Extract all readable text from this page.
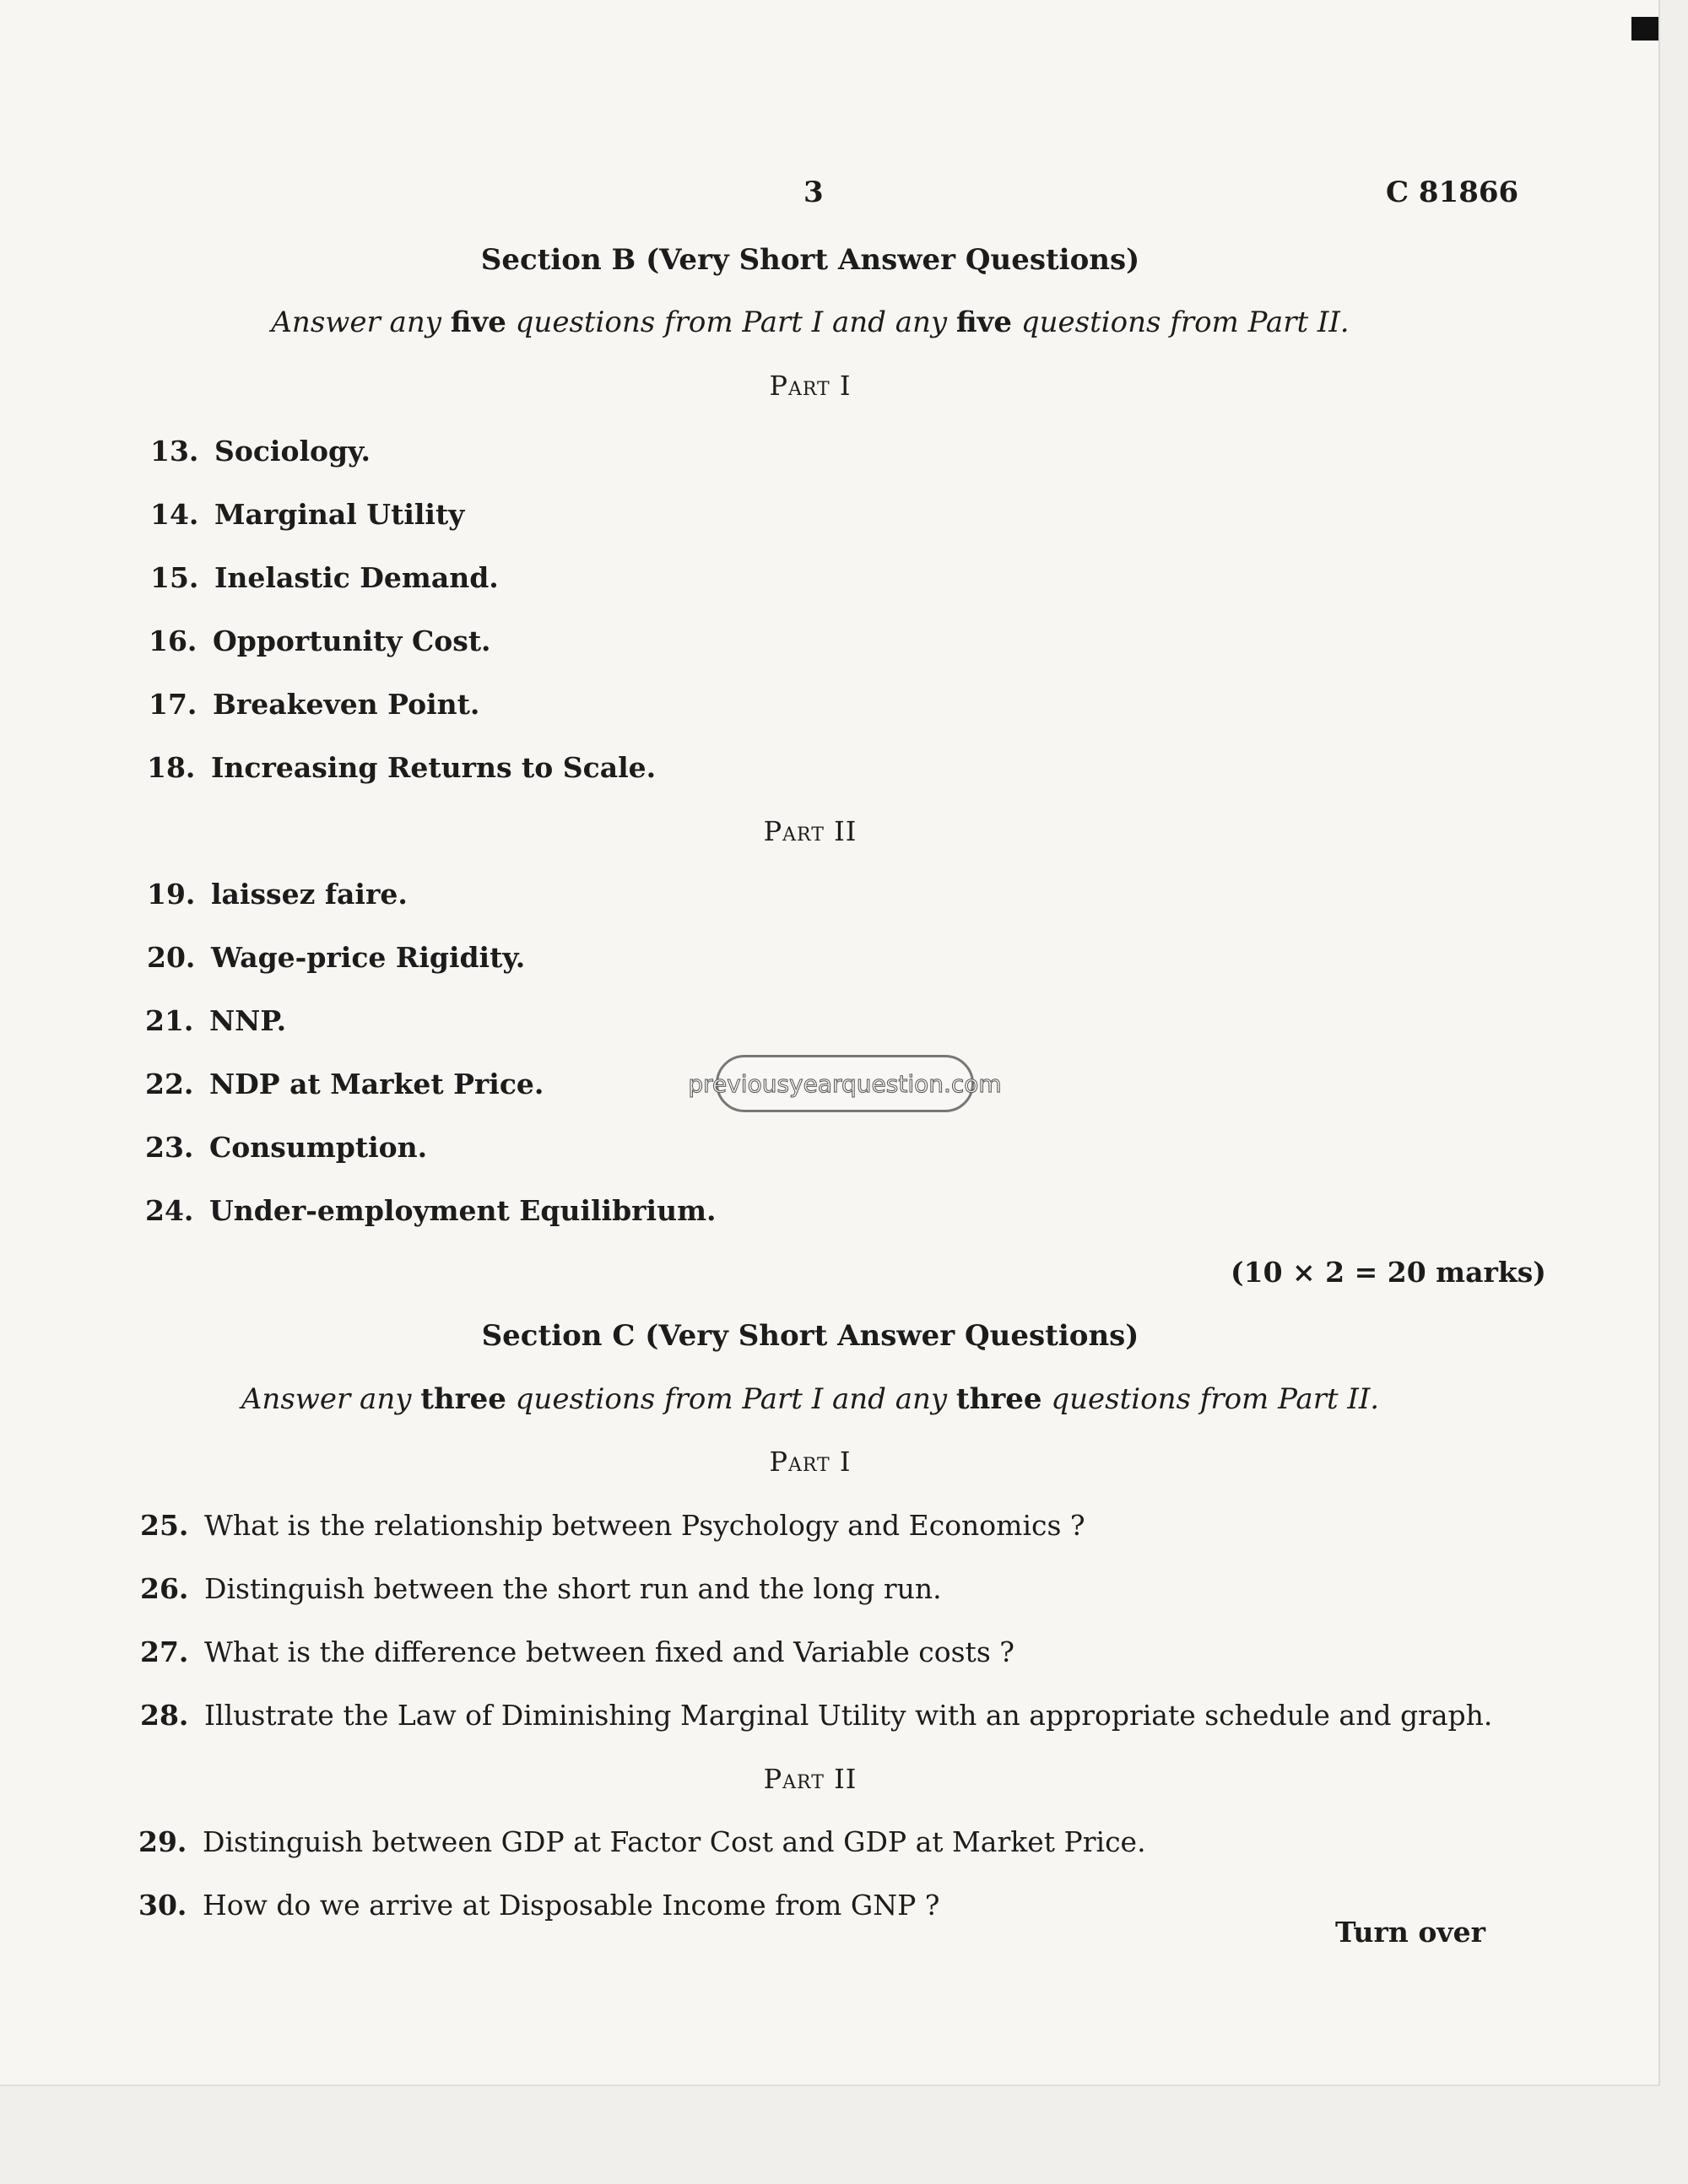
3	C 81866
Section B (Very Short Answer Questions)
Answer any five questions from Part I and any five questions from Part II.
Part I
13. Sociology.
14. Marginal Utility
15. Inelastic Demand.
16. Opportunity Cost.
17. Breakeven Point.
18. Increasing Returns to Scale.
Part II
19. laissez faire.
20. Wage-price Rigidity.
21. NNP.
22. NDP at Market Price.
23. Consumption.
24. Under-employment Equilibrium.
(10 × 2 = 20 marks)
previousyearquestion.com
Section C (Very Short Answer Questions)
Answer any three questions from Part I and any three questions from Part II.
Part I
25. What is the relationship between Psychology and Economics ?
26. Distinguish between the short run and the long run.
27. What is the difference between fixed and Variable costs ?
28. Illustrate the Law of Diminishing Marginal Utility with an appropriate schedule and graph.
Part II
29. Distinguish between GDP at Factor Cost and GDP at Market Price.
30. How do we arrive at Disposable Income from GNP ?
Turn over
